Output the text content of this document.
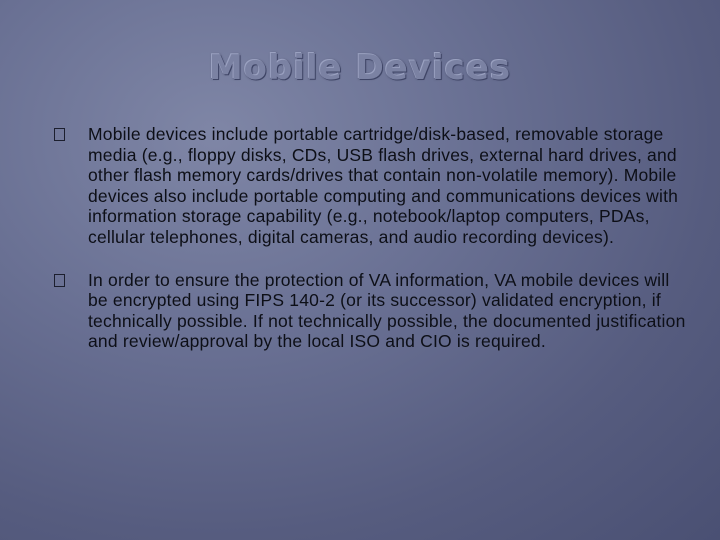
Mobile Devices
Mobile devices include portable cartridge/disk-based, removable storage media (e.g., floppy disks, CDs, USB flash drives, external hard drives, and other flash memory cards/drives that contain non-volatile memory). Mobile devices also include portable computing and communications devices with information storage capability (e.g., notebook/laptop computers, PDAs, cellular telephones, digital cameras, and audio recording devices).
In order to ensure the protection of VA information, VA mobile devices will be encrypted using FIPS 140-2 (or its successor) validated encryption, if technically possible. If not technically possible, the documented justification and review/approval by the local ISO and CIO is required.
